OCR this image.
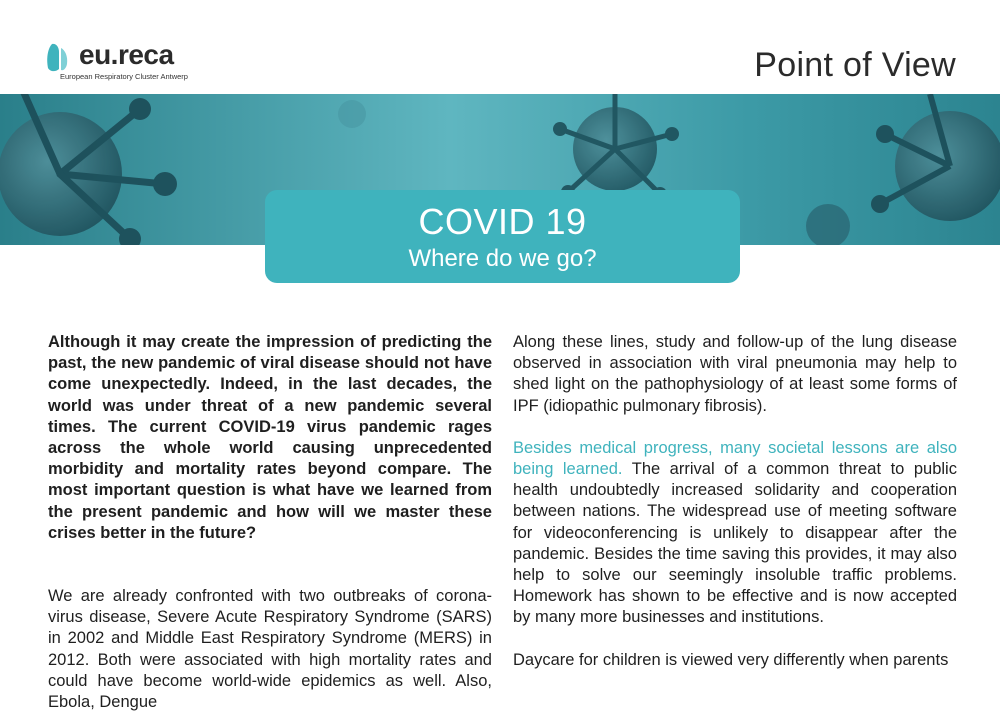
eu.reca
European Respiratory Cluster Antwerp	Point of View
COVID 19
Where do we go?

Although it may create the impression of predicting the past, the new pandemic of viral disease should not have come unexpectedly. Indeed, in the last decades, the world was under threat of a new pandemic several times. The current COVID-19 virus pandemic rages across the whole world causing unprecedented morbidity and mortality rates beyond compare. The most important question is what have we learned from the present pandemic and how will we master these crises better in the future?

We are already confronted with two outbreaks of corona-virus disease, Severe Acute Respiratory Syndrome (SARS) in 2002 and Middle East Respiratory Syndrome (MERS) in 2012. Both were associated with high mortality rates and could have become world-wide epidemics as well. Also, Ebola, Dengue

Along these lines, study and follow-up of the lung disease observed in association with viral pneumonia may help to shed light on the pathophysiology of at least some forms of IPF (idiopathic pulmonary fibrosis).

Besides medical progress, many societal lessons are also being learned. The arrival of a common threat to public health undoubtedly increased solidarity and cooperation between nations. The widespread use of meeting software for videoconferencing is unlikely to disappear after the pandemic. Besides the time saving this provides, it may also help to solve our seemingly insoluble traffic problems. Homework has shown to be effective and is now accepted by many more businesses and institutions.

Daycare for children is viewed very differently when parents
